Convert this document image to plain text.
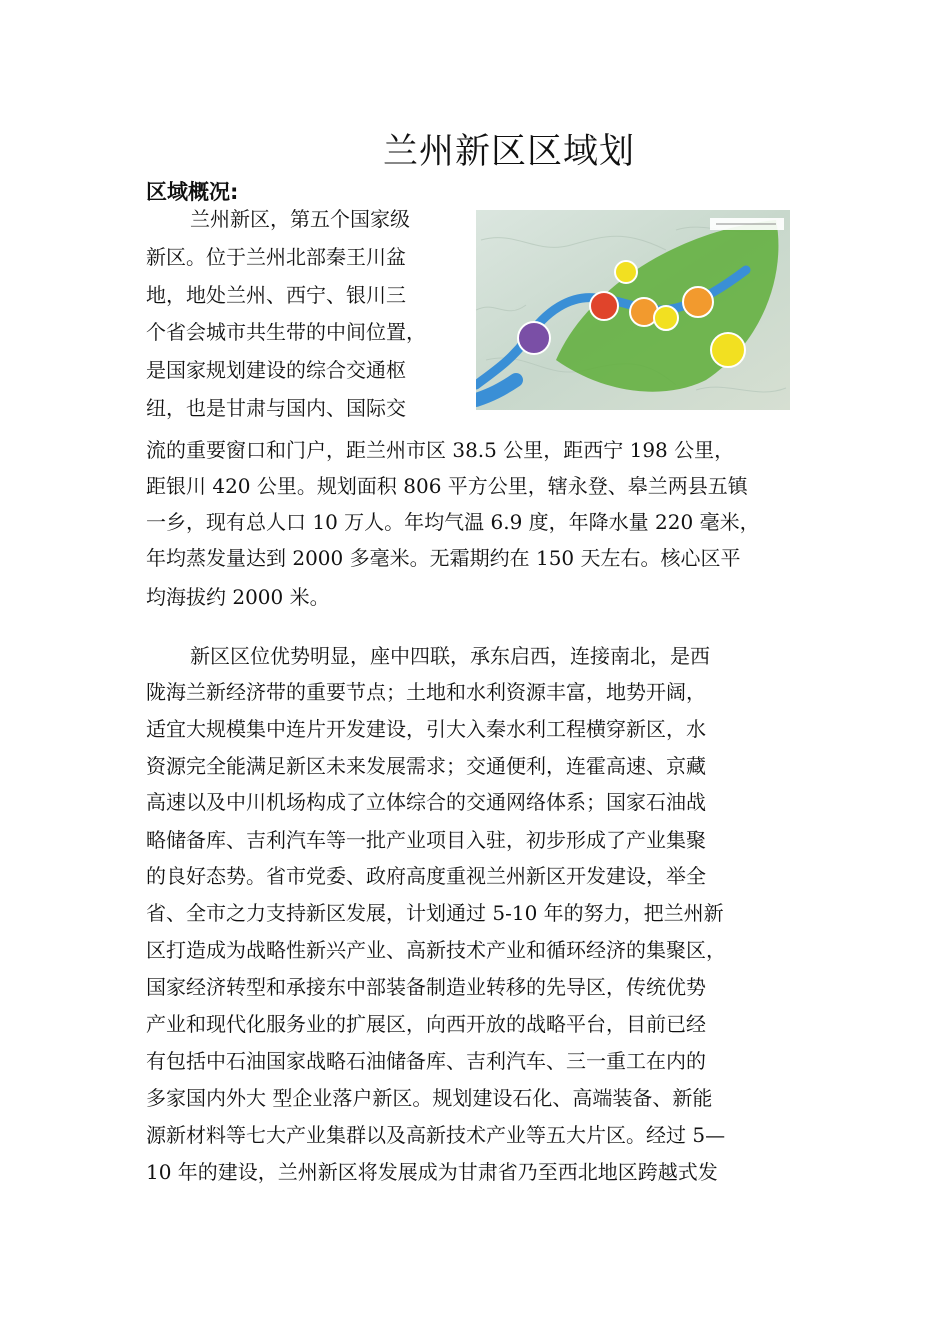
兰州新区区域划
区域概况:

兰州新区，第五个国家级

新区。位于兰州北部秦王川盆

地，地处兰州、西宁、银川三

个省会城市共生带的中间位置，

是国家规划建设的综合交通枢

纽，也是甘肃与国内、国际交

流的重要窗口和门户，距兰州市区 38.5 公里，距西宁 198 公里，

距银川 420 公里。规划面积 806 平方公里，辖永登、皋兰两县五镇

一乡，现有总人口 10 万人。年均气温 6.9 度，年降水量 220 毫米，

年均蒸发量达到 2000 多毫米。无霜期约在 150 天左右。核心区平

均海拔约 2000 米。

新区区位优势明显，座中四联，承东启西，连接南北，是西

陇海兰新经济带的重要节点；土地和水利资源丰富，地势开阔，

适宜大规模集中连片开发建设，引大入秦水利工程横穿新区，水

资源完全能满足新区未来发展需求；交通便利，连霍高速、京藏

高速以及中川机场构成了立体综合的交通网络体系；国家石油战

略储备库、吉利汽车等一批产业项目入驻，初步形成了产业集聚

的良好态势。省市党委、政府高度重视兰州新区开发建设，举全

省、全市之力支持新区发展，计划通过 5-10 年的努力，把兰州新

区打造成为战略性新兴产业、高新技术产业和循环经济的集聚区，

国家经济转型和承接东中部装备制造业转移的先导区，传统优势

产业和现代化服务业的扩展区，向西开放的战略平台，目前已经

有包括中石油国家战略石油储备库、吉利汽车、三一重工在内的

多家国内外大 型企业落户新区。规划建设石化、高端装备、新能

源新材料等七大产业集群以及高新技术产业等五大片区。经过 5—

10 年的建设，兰州新区将发展成为甘肃省乃至西北地区跨越式发
